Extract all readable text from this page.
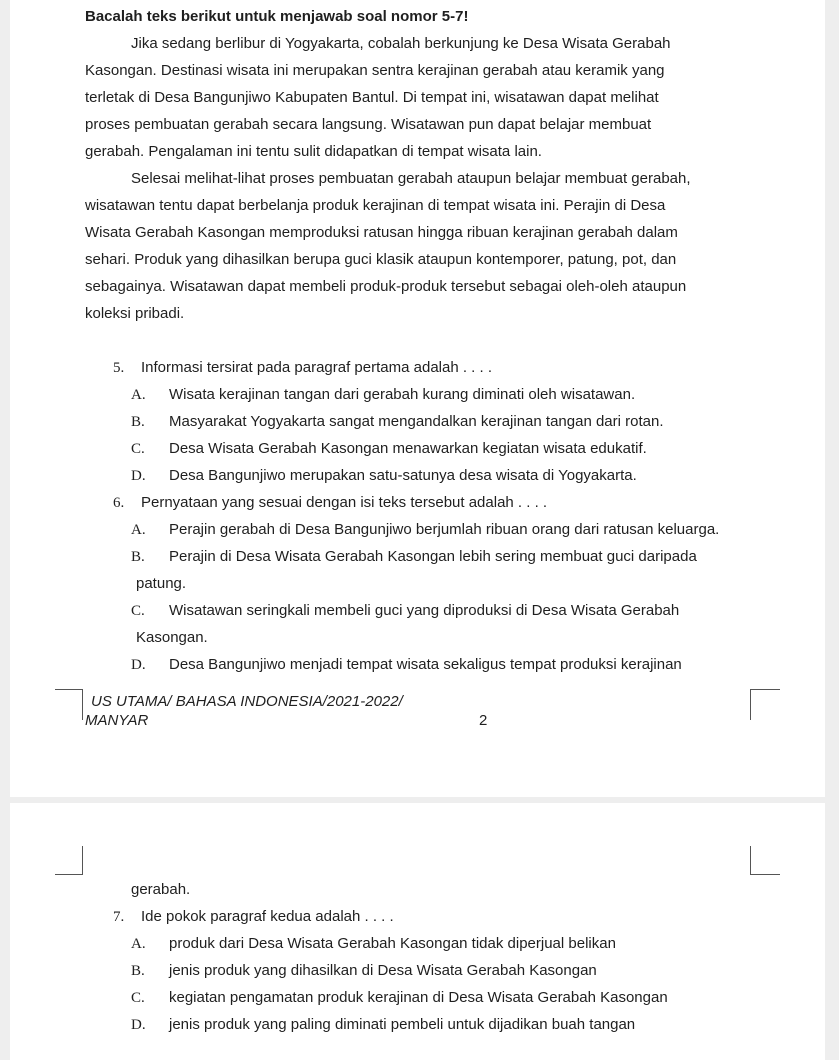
Bacalah teks berikut untuk menjawab soal nomor 5-7!
Jika sedang berlibur di Yogyakarta, cobalah berkunjung ke Desa Wisata Gerabah
Kasongan. Destinasi wisata ini merupakan sentra kerajinan gerabah atau keramik yang
terletak di Desa Bangunjiwo Kabupaten Bantul. Di tempat ini, wisatawan dapat melihat
proses pembuatan gerabah secara langsung. Wisatawan pun dapat belajar membuat
gerabah. Pengalaman ini tentu sulit didapatkan di tempat wisata lain.
Selesai melihat-lihat proses pembuatan gerabah ataupun belajar membuat gerabah,
wisatawan tentu dapat berbelanja produk kerajinan di tempat wisata ini. Perajin di Desa
Wisata Gerabah Kasongan memproduksi ratusan hingga ribuan kerajinan gerabah dalam
sehari. Produk yang dihasilkan berupa guci klasik ataupun kontemporer, patung, pot, dan
sebagainya. Wisatawan dapat membeli produk-produk tersebut sebagai oleh-oleh ataupun
koleksi pribadi.
5. Informasi tersirat pada paragraf pertama adalah . . . .
A. Wisata kerajinan tangan dari gerabah kurang diminati oleh wisatawan.
B. Masyarakat Yogyakarta sangat mengandalkan kerajinan tangan dari rotan.
C. Desa Wisata Gerabah Kasongan menawarkan kegiatan wisata edukatif.
D. Desa Bangunjiwo merupakan satu-satunya desa wisata di Yogyakarta.
6. Pernyataan yang sesuai dengan isi teks tersebut adalah . . . .
A. Perajin gerabah di Desa Bangunjiwo berjumlah ribuan orang dari ratusan keluarga.
B. Perajin di Desa Wisata Gerabah Kasongan lebih sering membuat guci daripada
patung.
C. Wisatawan seringkali membeli guci yang diproduksi di Desa Wisata Gerabah
Kasongan.
D. Desa Bangunjiwo menjadi tempat wisata sekaligus tempat produksi kerajinan
US UTAMA/ BAHASA INDONESIA/2021-2022/
MANYAR	2
gerabah.
7. Ide pokok paragraf kedua adalah . . . .
A. produk dari Desa Wisata Gerabah Kasongan tidak diperjual belikan
B. jenis produk yang dihasilkan di Desa Wisata Gerabah Kasongan
C. kegiatan pengamatan produk kerajinan di Desa Wisata Gerabah Kasongan
D. jenis produk yang paling diminati pembeli untuk dijadikan buah tangan
